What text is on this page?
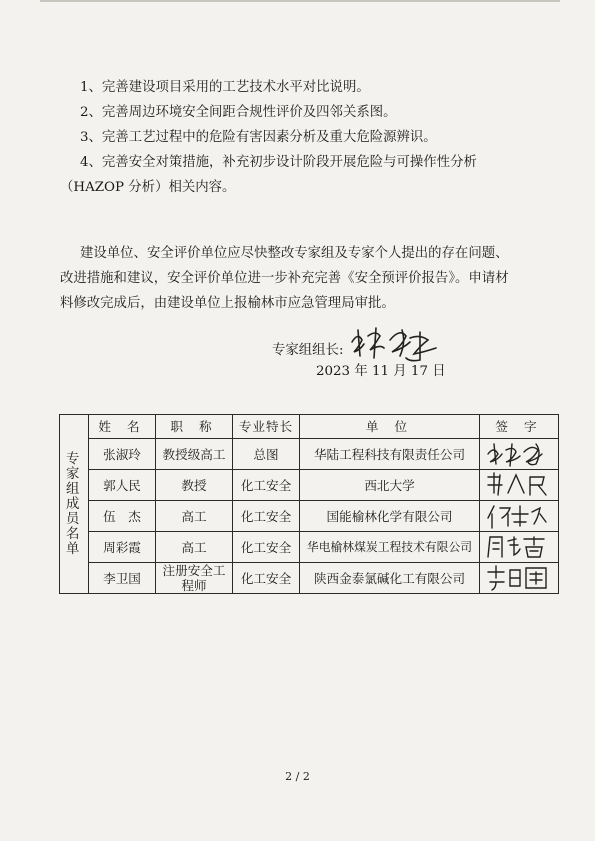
1、完善建设项目采用的工艺技术水平对比说明。
2、完善周边环境安全间距合规性评价及四邻关系图。
3、完善工艺过程中的危险有害因素分析及重大危险源辨识。
4、完善安全对策措施，补充初步设计阶段开展危险与可操作性分析
（HAZOP 分析）相关内容。
建设单位、安全评价单位应尽快整改专家组及专家个人提出的存在问题、
改进措施和建议，安全评价单位进一步补充完善《安全预评价报告》。申请材
料修改完成后，由建设单位上报榆林市应急管理局审批。
专家组组长:
2023 年 11 月 17 日
专家组成员名单	姓 名	职 称	专业特长	单 位	签 字
	张淑玲	教授级高工	总图	华陆工程科技有限责任公司	

	郭人民	教授	化工安全	西北大学	

	伍　杰	高工	化工安全	国能榆林化学有限公司	

	周彩霞	高工	化工安全	华电榆林煤炭工程技术有限公司	

	李卫国	注册安全工程师	化工安全	陕西金泰氯碱化工有限公司	
2 / 2
